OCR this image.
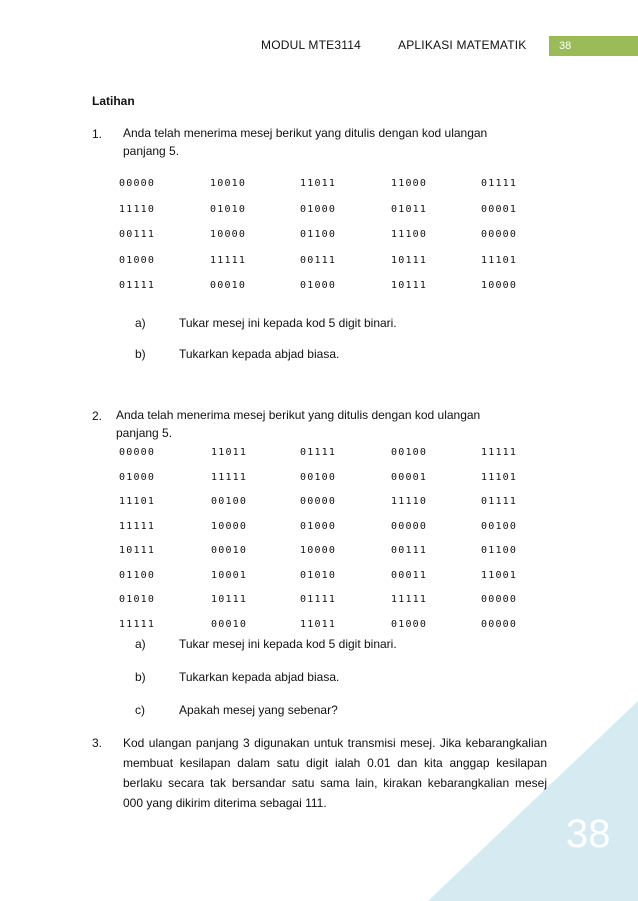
MODUL MTE3114	APLIKASI MATEMATIK	38
Latihan
1. Anda telah menerima mesej berikut yang ditulis dengan kod ulangan
panjang 5.
00000	10010	11011	11000	01111
11110	01010	01000	01011	00001
00111	10000	01100	11100	00000
01000	11111	00111	10111	11101
01111	00010	01000	10111	10000
a)	Tukar mesej ini kepada kod 5 digit binari.
b)	Tukarkan kepada abjad biasa.
2. Anda telah menerima mesej berikut yang ditulis dengan kod ulangan
panjang 5.
00000	11011	01111	00100	11111
01000	11111	00100	00001	11101
11101	00100	00000	11110	01111
11111	10000	01000	00000	00100
10111	00010	10000	00111	01100
01100	10001	01010	00011	11001
01010	10111	01111	11111	00000
11111	00010	11011	01000	00000
a)	Tukar mesej ini kepada kod 5 digit binari.
b)	Tukarkan kepada abjad biasa.
c)	Apakah mesej yang sebenar?
3. Kod ulangan panjang 3 digunakan untuk transmisi mesej. Jika kebarangkalian membuat kesilapan dalam satu digit ialah 0.01 dan kita anggap kesilapan berlaku secara tak bersandar satu sama lain, kirakan kebarangkalian mesej 000 yang dikirim diterima sebagai 111.
38
